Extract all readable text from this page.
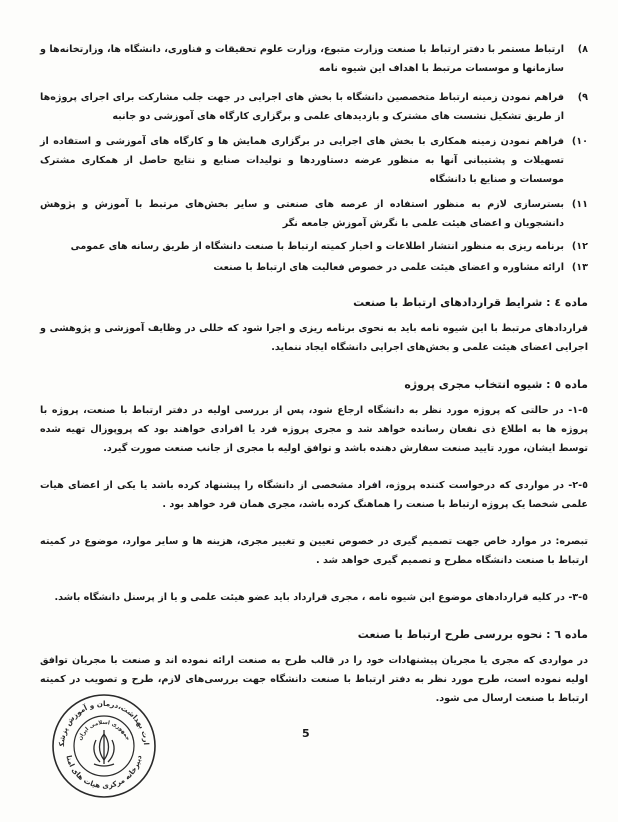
۸)
ارتباط مستمر با دفتر ارتباط با صنعت وزارت متبوع، وزارت علوم تحقیقات و فناوری، دانشگاه ها، وزارتخانه‌ها و سازمانها و موسسات مرتبط با اهداف این شیوه نامه
۹)
فراهم نمودن زمینه ارتباط متخصصین دانشگاه با بخش های اجرایی در جهت جلب مشارکت برای اجرای پروژه‌ها از طریق تشکیل نشست های مشترک و بازدیدهای علمی و برگزاری کارگاه های آموزشی دو جانبه
۱۰)
فراهم نمودن زمینه همکاری با بخش های اجرایی در برگزاری همایش ها و کارگاه های آموزشی و استفاده از تسهیلات و پشتیبانی آنها به منظور عرضه دستاوردها و تولیدات صنایع و نتایج حاصل از همکاری مشترک موسسات و صنایع با دانشگاه
۱۱)
بسترسازی لازم به منظور استفاده از عرصه های صنعتی و سایر بخش‌های مرتبط با آموزش و پژوهش دانشجویان و اعضای هیئت علمی با نگرش آموزش جامعه نگر
۱۲)
برنامه ریزی به منظور انتشار اطلاعات و اخبار کمیته ارتباط با صنعت دانشگاه از طریق رسانه های عمومی
۱۳)
ارائه مشاوره و اعضای هیئت علمی در خصوص فعالیت های ارتباط با صنعت
ماده ٤ : شرایط قراردادهای ارتباط با صنعت
قراردادهای مرتبط با این شیوه نامه باید به نحوی برنامه ریزی و اجرا شود که خللی در وظایف آموزشی و پژوهشی و اجرایی اعضای هیئت علمی و بخش‌های اجرایی دانشگاه ایجاد ننماید.
ماده ٥ : شیوه انتخاب مجری پروژه
٥-١- در حالتی که پروژه مورد نظر به دانشگاه ارجاع شود، پس از بررسی اولیه در دفتر ارتباط با صنعت، پروژه با پروژه ها به اطلاع ذی نفعان رسانده خواهد شد و مجری پروژه فرد یا افرادی خواهند بود که پروپوزال تهیه شده توسط ایشان، مورد تایید صنعت سفارش دهنده باشد و توافق اولیه با مجری از جانب صنعت صورت گیرد.
٥-٢- در مواردی که درخواست کننده پروژه، افراد مشخصی از دانشگاه را پیشنهاد کرده باشد یا یکی از اعضای هیات علمی شخصا یک پروژه ارتباط با صنعت را هماهنگ کرده باشد، مجری همان فرد خواهد بود .
تبصره: در موارد خاص جهت تصمیم گیری در خصوص تعیین و تغییر مجری، هزینه ها و سایر موارد، موضوع در کمیته ارتباط با صنعت دانشگاه مطرح و تصمیم گیری خواهد شد .
٥-٣- در کلیه قراردادهای موضوع این شیوه نامه ، مجری قرارداد باید عضو هیئت علمی و یا از پرسنل دانشگاه باشد.
ماده ٦ : نحوه بررسی طرح ارتباط با صنعت
در مواردی که مجری یا مجریان پیشنهادات خود را در قالب طرح به صنعت ارائه نموده اند و صنعت با مجریان توافق اولیه نموده است، طرح مورد نظر به دفتر ارتباط با صنعت دانشگاه جهت بررسی‌های لازم، طرح و تصویب در کمیته ارتباط با صنعت ارسال می شود.
5
ارت بهداشت،درمان و آموزش پزشک
دبیرخانه مرکزی هیات های امنا
جمهوری اسلامی ایران
